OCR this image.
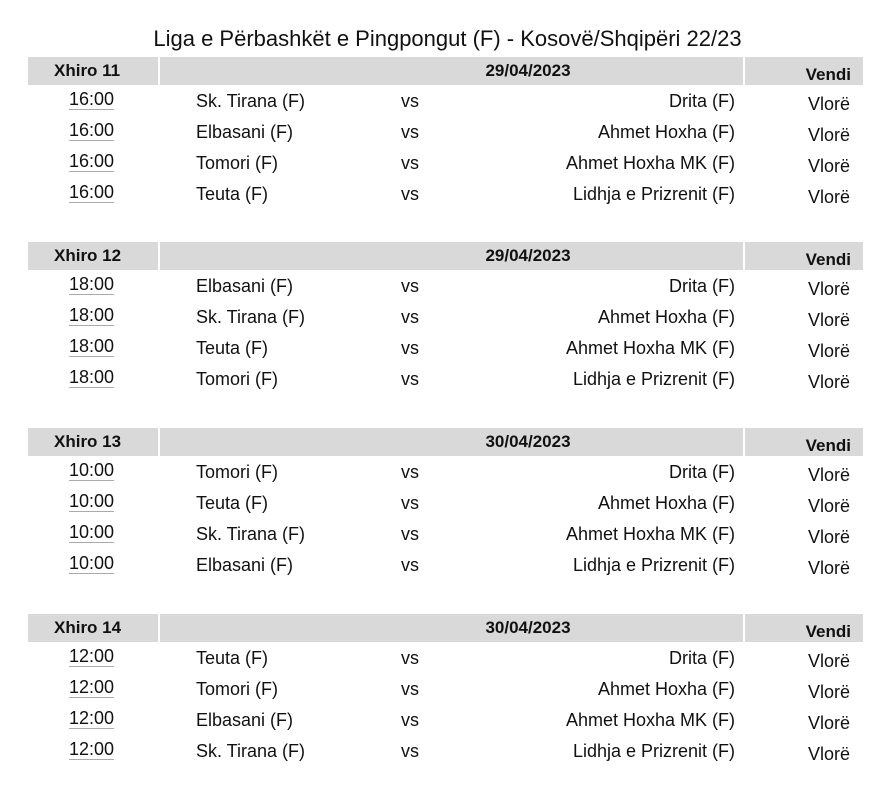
Liga e Përbashkët e Pingpongut (F) - Kosovë/Shqipëri 22/23
Xhiro 11	29/04/2023	Vendi
16:00	Sk. Tirana (F)	vs	Drita (F)	Vlorë
16:00	Elbasani (F)	vs	Ahmet Hoxha (F)	Vlorë
16:00	Tomori (F)	vs	Ahmet Hoxha MK (F)	Vlorë
16:00	Teuta (F)	vs	Lidhja e Prizrenit (F)	Vlorë
Xhiro 12	29/04/2023	Vendi
18:00	Elbasani (F)	vs	Drita (F)	Vlorë
18:00	Sk. Tirana (F)	vs	Ahmet Hoxha (F)	Vlorë
18:00	Teuta (F)	vs	Ahmet Hoxha MK (F)	Vlorë
18:00	Tomori (F)	vs	Lidhja e Prizrenit (F)	Vlorë
Xhiro 13	30/04/2023	Vendi
10:00	Tomori (F)	vs	Drita (F)	Vlorë
10:00	Teuta (F)	vs	Ahmet Hoxha (F)	Vlorë
10:00	Sk. Tirana (F)	vs	Ahmet Hoxha MK (F)	Vlorë
10:00	Elbasani (F)	vs	Lidhja e Prizrenit (F)	Vlorë
Xhiro 14	30/04/2023	Vendi
12:00	Teuta (F)	vs	Drita (F)	Vlorë
12:00	Tomori (F)	vs	Ahmet Hoxha (F)	Vlorë
12:00	Elbasani (F)	vs	Ahmet Hoxha MK (F)	Vlorë
12:00	Sk. Tirana (F)	vs	Lidhja e Prizrenit (F)	Vlorë
